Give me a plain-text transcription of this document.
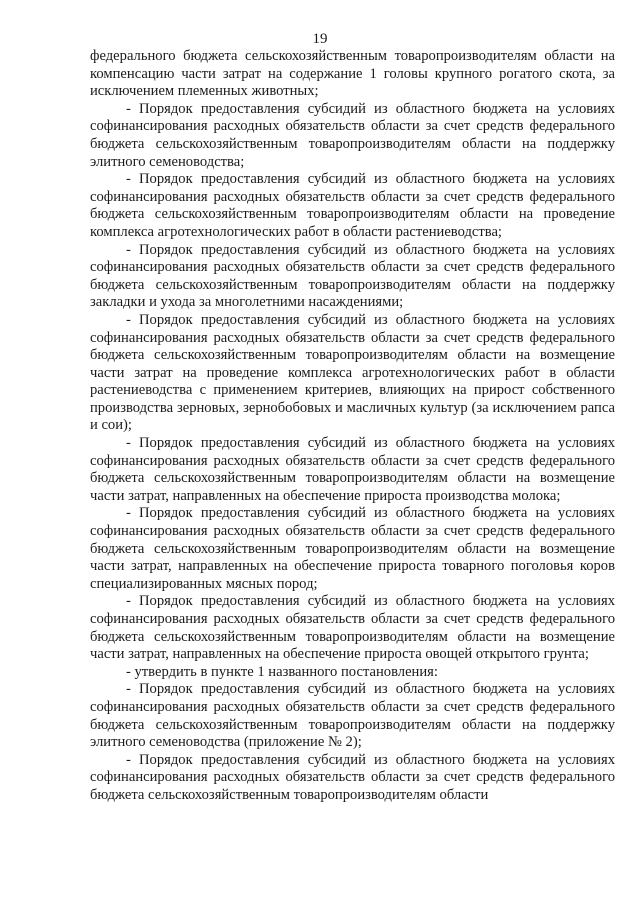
19

федерального бюджета сельскохозяйственным товаропроизводителям области на компенсацию части затрат на содержание 1 головы крупного рогатого скота, за исключением племенных животных;

- Порядок предоставления субсидий из областного бюджета на условиях софинансирования расходных обязательств области за счет средств федерального бюджета сельскохозяйственным товаропроизводителям области на поддержку элитного семеноводства;

- Порядок предоставления субсидий из областного бюджета на условиях софинансирования расходных обязательств области за счет средств федерального бюджета сельскохозяйственным товаропроизводителям области на проведение комплекса агротехнологических работ в области растениеводства;

- Порядок предоставления субсидий из областного бюджета на условиях софинансирования расходных обязательств области за счет средств федерального бюджета сельскохозяйственным товаропроизводителям области на поддержку закладки и ухода за многолетними насаждениями;

- Порядок предоставления субсидий из областного бюджета на условиях софинансирования расходных обязательств области за счет средств федерального бюджета сельскохозяйственным товаропроизводителям области на возмещение части затрат на проведение комплекса агротехнологических работ в области растениеводства с применением критериев, влияющих на прирост собственного производства зерновых, зернобобовых и масличных культур (за исключением рапса и сои);

- Порядок предоставления субсидий из областного бюджета на условиях софинансирования расходных обязательств области за счет средств федерального бюджета сельскохозяйственным товаропроизводителям области на возмещение части затрат, направленных на обеспечение прироста производства молока;

- Порядок предоставления субсидий из областного бюджета на условиях софинансирования расходных обязательств области за счет средств федерального бюджета сельскохозяйственным товаропроизводителям области на возмещение части затрат, направленных на обеспечение прироста товарного поголовья коров специализированных мясных пород;

- Порядок предоставления субсидий из областного бюджета на условиях софинансирования расходных обязательств области за счет средств федерального бюджета сельскохозяйственным товаропроизводителям области на возмещение части затрат, направленных на обеспечение прироста овощей открытого грунта;

- утвердить в пункте 1 названного постановления:

- Порядок предоставления субсидий из областного бюджета на условиях софинансирования расходных обязательств области за счет средств федерального бюджета сельскохозяйственным товаропроизводителям области на поддержку элитного семеноводства (приложение № 2);

- Порядок предоставления субсидий из областного бюджета на условиях софинансирования расходных обязательств области за счет средств федерального бюджета сельскохозяйственным товаропроизводителям области
